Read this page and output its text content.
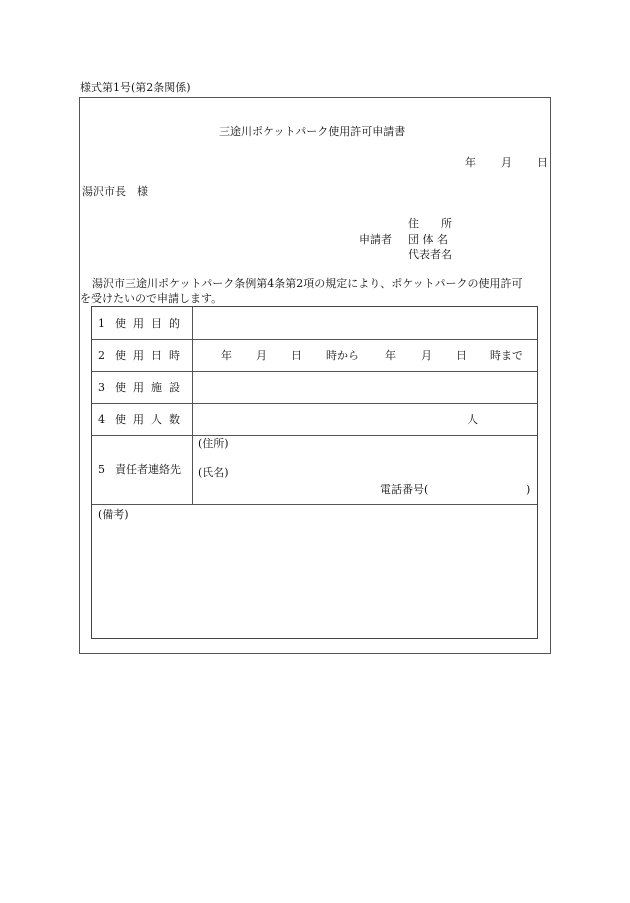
様式第1号(第2条関係)
三途川ポケットパーク使用許可申請書
年 月 日
湯沢市長　様
住　　所
申請者 団 体 名
代表者名
湯沢市三途川ポケットパーク条例第4条第2項の規定により、ポケットパークの使用許可
を受けたいので申請します。
1 使用目的
2 使用日時	年 月 日 時から 年 月 日 時まで
3 使用施設
4 使用人数	人
5 責任者連絡先
(住所)
(氏名)
電話番号(	)
(備考)
